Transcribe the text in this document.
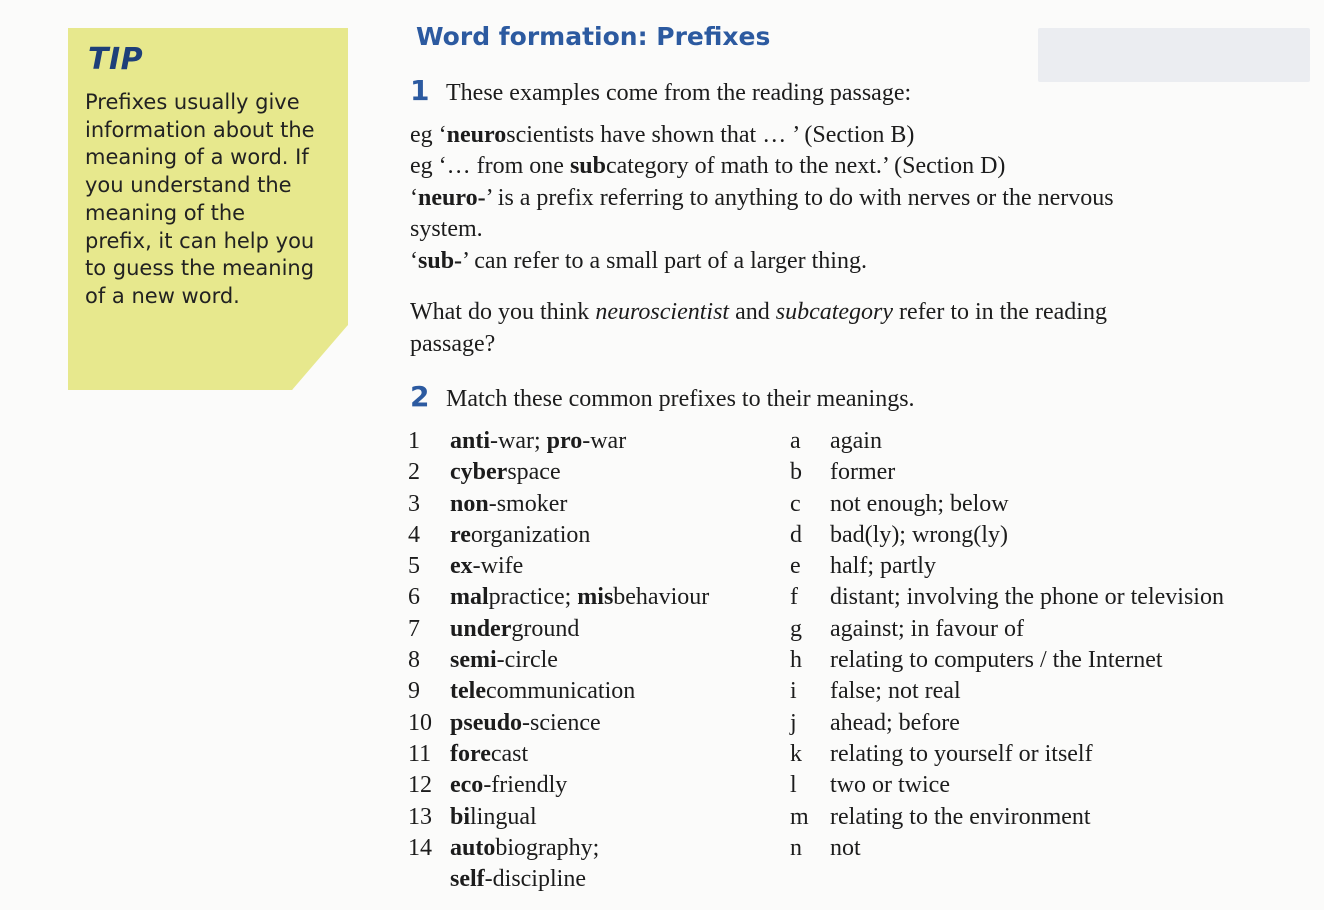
TIP
Prefixes usually give information about the meaning of a word. If you understand the meaning of the prefix, it can help you to guess the meaning of a new word.
Word formation: Prefixes
1 These examples come from the reading passage:
eg ‘neuroscientists have shown that … ’ (Section B)
eg ‘… from one subcategory of math to the next.’ (Section D)
‘neuro-’ is a prefix referring to anything to do with nerves or the nervous
system.
‘sub-’ can refer to a small part of a larger thing.
What do you think neuroscientist and subcategory refer to in the reading
passage?
2 Match these common prefixes to their meanings.
1 anti-war; pro-war
2 cyberspace
3 non-smoker
4 reorganization
5 ex-wife
6 malpractice; misbehaviour
7 underground
8 semi-circle
9 telecommunication
10 pseudo-science
11 forecast
12 eco-friendly
13 bilingual
14 autobiography;
self-discipline
a again
b former
c not enough; below
d bad(ly); wrong(ly)
e half; partly
f distant; involving the phone or television
g against; in favour of
h relating to computers / the Internet
i false; not real
j ahead; before
k relating to yourself or itself
l two or twice
m relating to the environment
n not
